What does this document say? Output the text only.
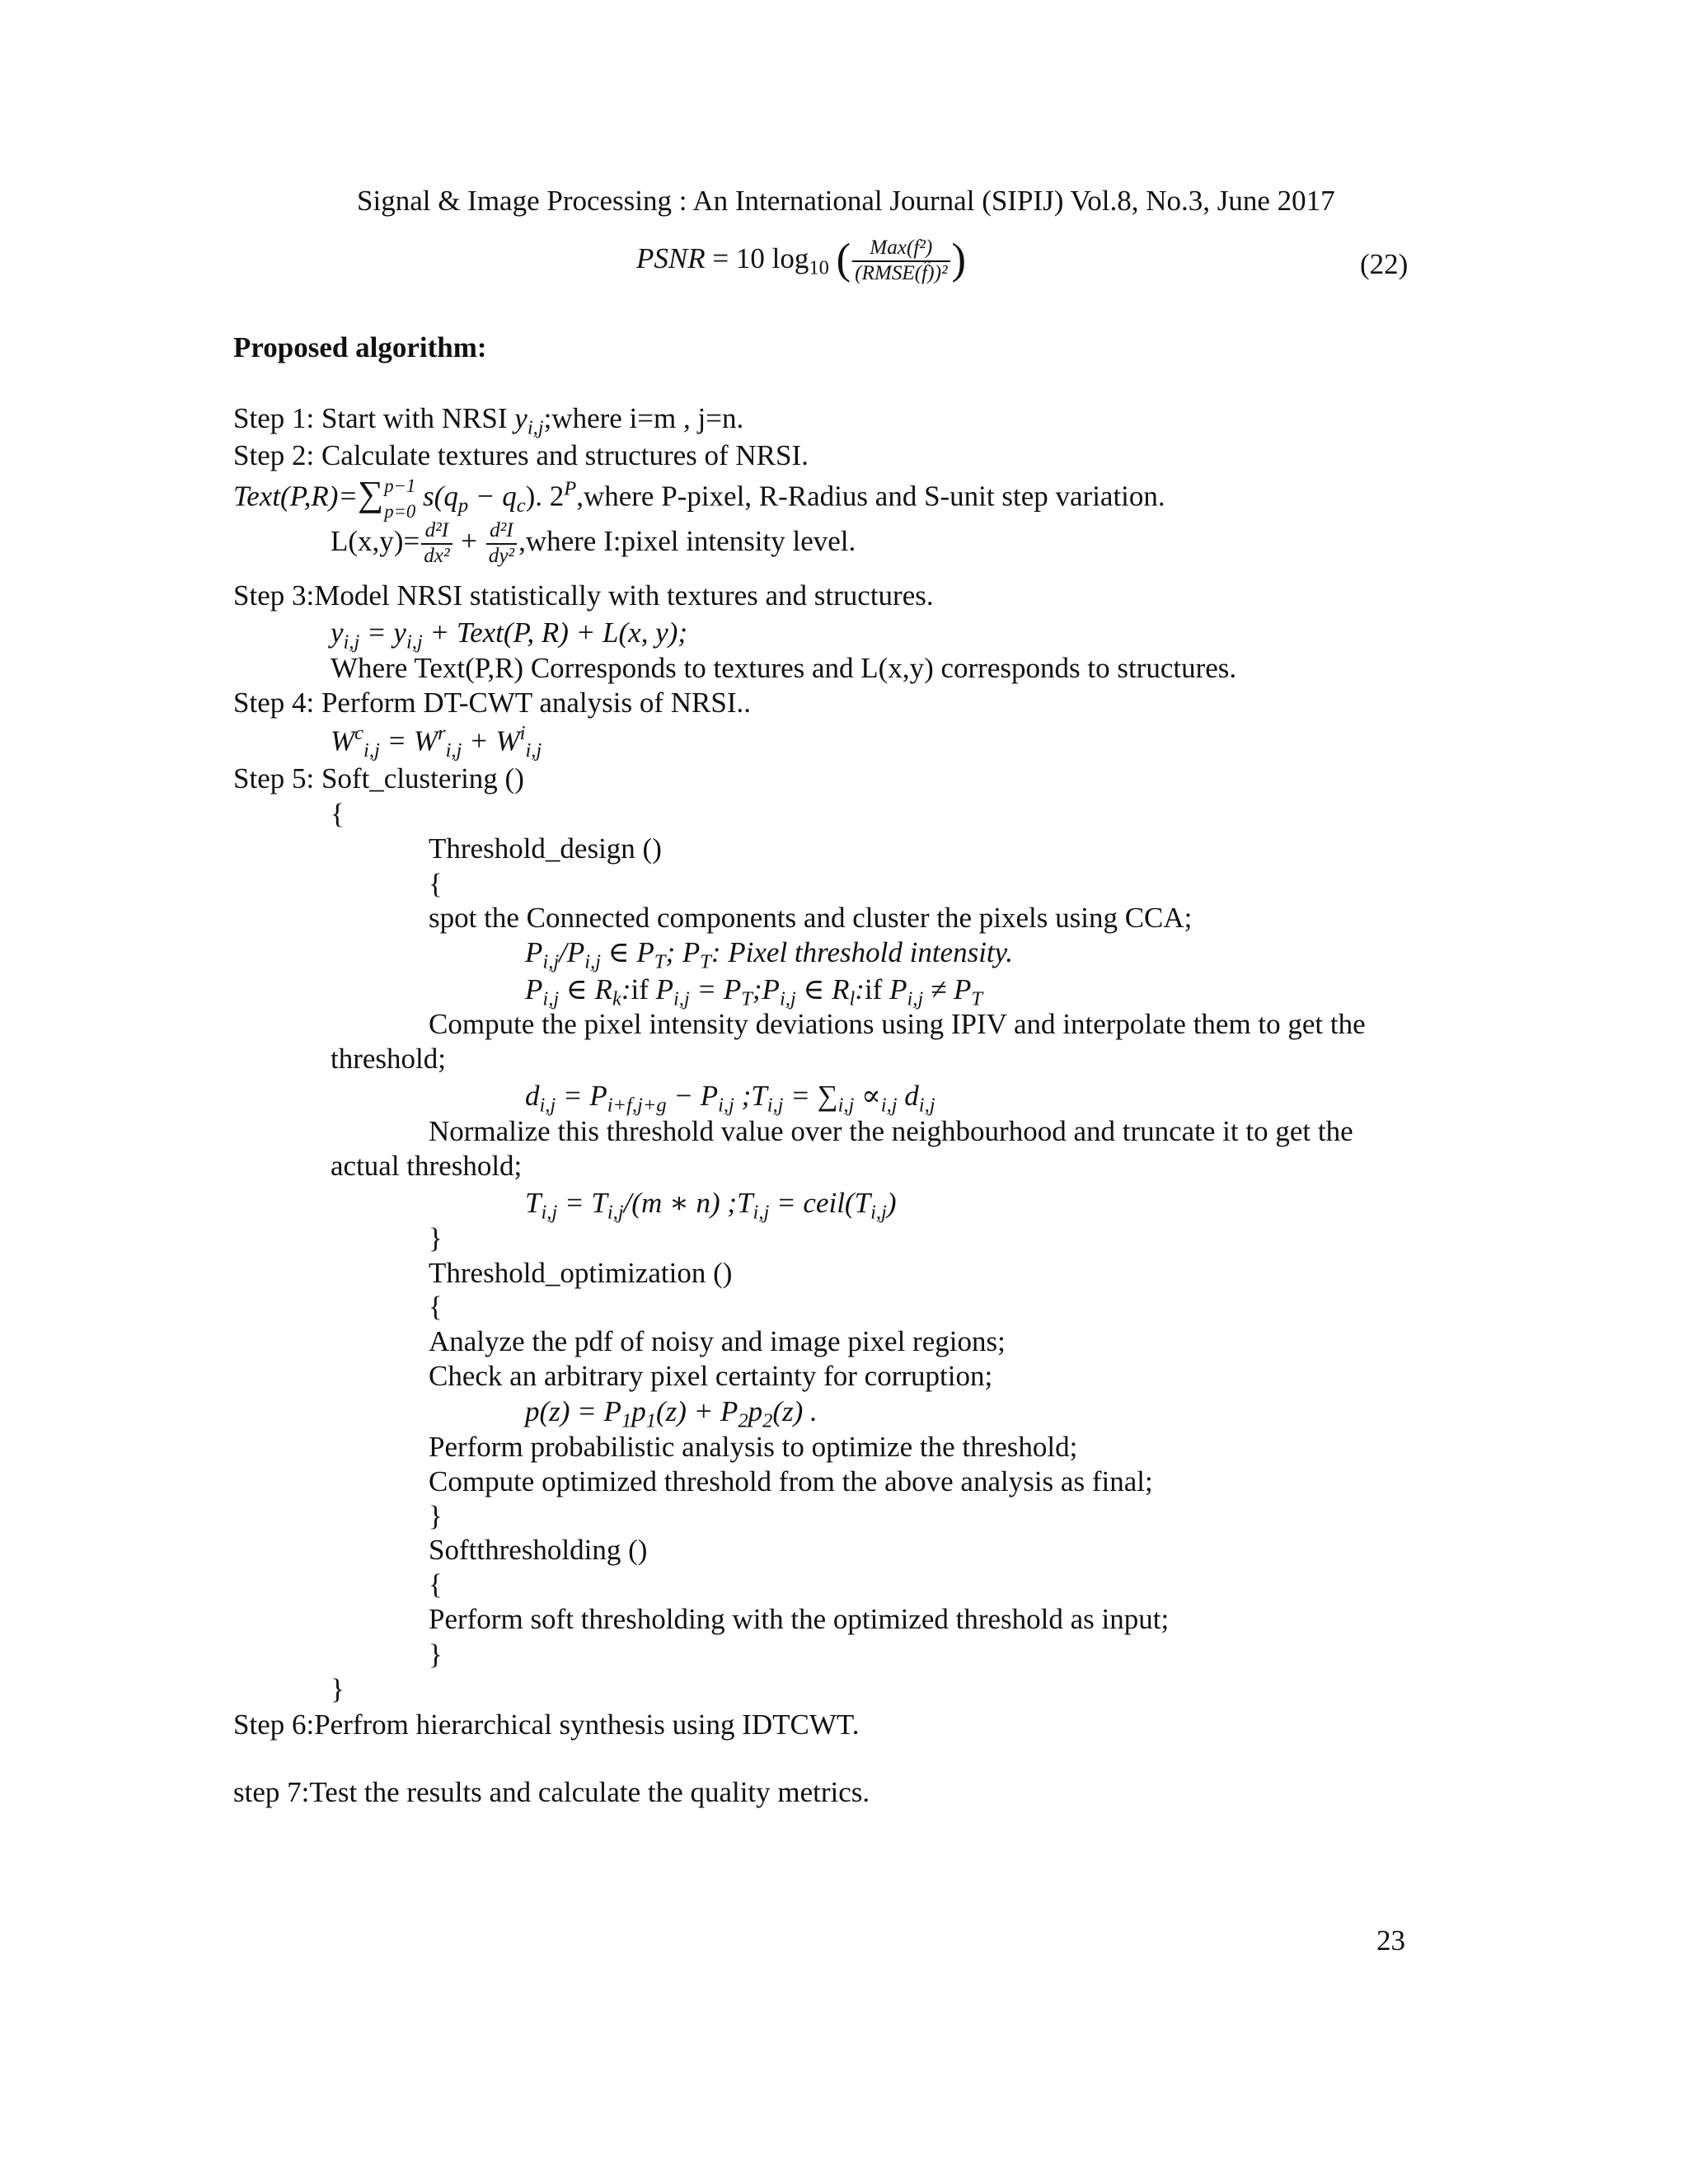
Signal & Image Processing : An International Journal (SIPIJ) Vol.8, No.3, June 2017
PSNR = 10 $\log_{10}$ ( $\frac{\text{Max(f²)}}{\text{(RMSE(f̂))²}}$ )	(22)
Proposed algorithm:
Step 1: Start with NRSI $y_{i,j};where$ i=m , j=n.
Step 2: Calculate textures and structures of NRSI.
Text(P,R)=∑ p−1
p=0 $s(q_p - q_c)$. $2^P,where$ P-pixel, R-Radius and S-unit step variation.
$L(x,y)= \frac{\text{d²I}}{\text{dx²}} + \frac{\text{d²I}}{\text{dy²}}$ ,where I:pixel intensity level.
Step 3:Model NRSI statistically with textures and structures.
$y_{i,j} = y_{i,j}$ + Text(P, R) + L(x, y);
Where Text(P,R) Corresponds to textures and L(x,y) corresponds to structures.
Step 4: Perform DT-CWT analysis of NRSI..
$W^c_{i,j} = W^r_{i,j} + W^i_{i,j}$
Step 5: Soft_clustering ()
{
Threshold_design ()
{
spot the Connected components and cluster the pixels using CCA;
$P_{i,j}/P_{i,j}$ ∈ $P_T$; $P_T$: Pixel threshold intensity.
$P_{i,j}$ ∈ $R_k:if$ $P_{i,j}$ = $P_T;P_{i,j}$ ∈ $R_l:if$ $P_{i,j} \ne P_T$
Compute the pixel intensity deviations using IPIV and interpolate them to get the
threshold;
$d_{i,j} = P_{i+f,j+g} - P_{i,j}$ $;T_{i,j} = \sum_{i,j} \propto_{i,j}$ $d_{i,j}$
Normalize this threshold value over the neighbourhood and truncate it to get the
actual threshold;
$T_{i,j} = T_{i,j}/(m$ ∗ n) $;T_{i,j}$ = $ceil(T_{i,j})$
}
Threshold_optimization ()
{
Analyze the pdf of noisy and image pixel regions;
Check an arbitrary pixel certainty for corruption;
$p(z) = P_1p_1(z) + P_2p_2(z)$ .
Perform probabilistic analysis to optimize the threshold;
Compute optimized threshold from the above analysis as final;
}
Softthresholding ()
{
Perform soft thresholding with the optimized threshold as input;
}
}
Step 6:Perfrom hierarchical synthesis using IDTCWT.
step 7:Test the results and calculate the quality metrics.
23
